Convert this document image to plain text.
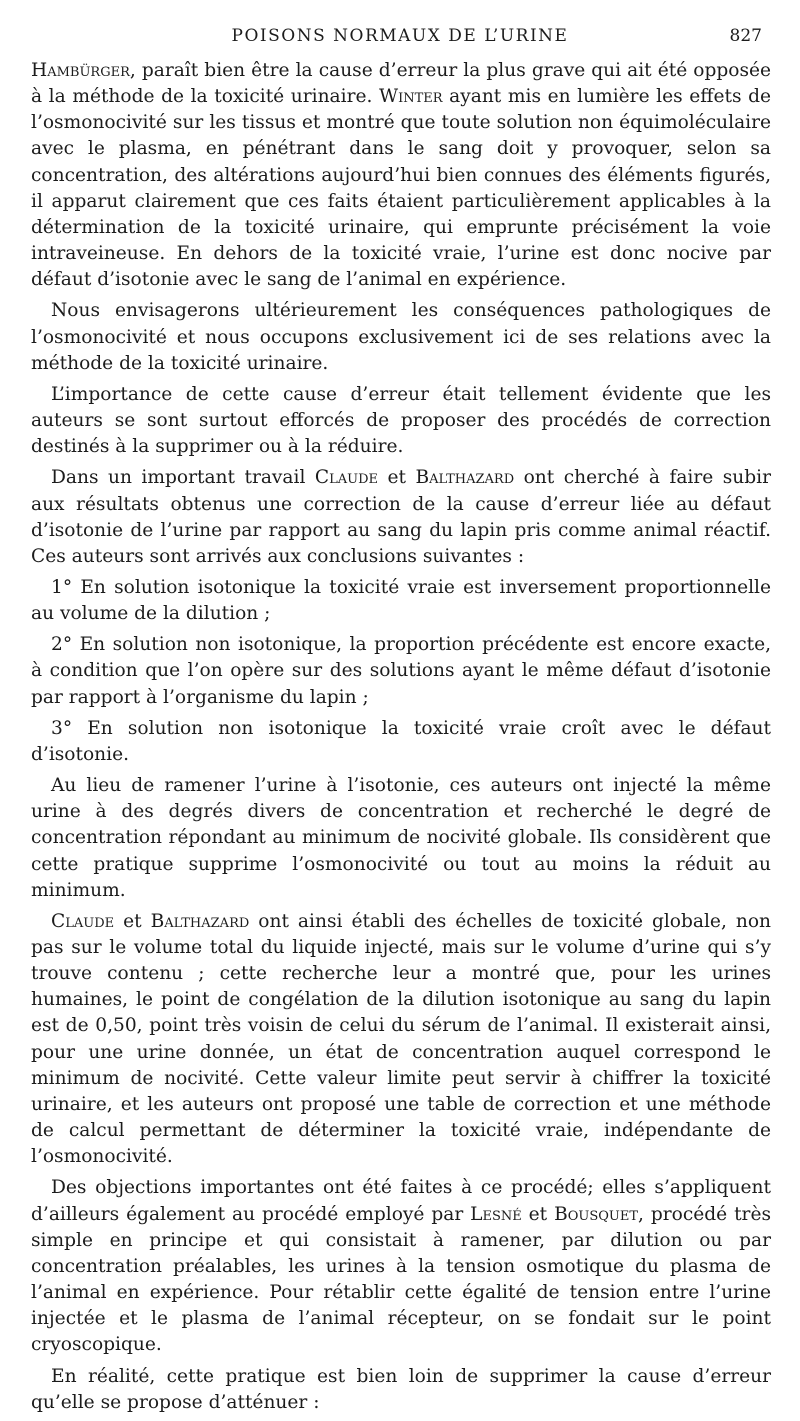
POISONS NORMAUX DE L’URINE	827

Hambürger, paraît bien être la cause d’erreur la plus grave qui ait été opposée à la méthode de la toxicité urinaire. Winter ayant mis en lumière les effets de l’osmonocivité sur les tissus et montré que toute solution non équimoléculaire avec le plasma, en pénétrant dans le sang doit y provoquer, selon sa concentration, des altérations aujourd’hui bien connues des éléments figurés, il apparut clairement que ces faits étaient particulièrement applicables à la détermination de la toxicité urinaire, qui emprunte précisément la voie intraveineuse. En dehors de la toxicité vraie, l’urine est donc nocive par défaut d’isotonie avec le sang de l’animal en expérience.

Nous envisagerons ultérieurement les conséquences pathologiques de l’osmonocivité et nous occupons exclusivement ici de ses relations avec la méthode de la toxicité urinaire.

L’importance de cette cause d’erreur était tellement évidente que les auteurs se sont surtout efforcés de proposer des procédés de correction destinés à la supprimer ou à la réduire.

Dans un important travail Claude et Balthazard ont cherché à faire subir aux résultats obtenus une correction de la cause d’erreur liée au défaut d’isotonie de l’urine par rapport au sang du lapin pris comme animal réactif. Ces auteurs sont arrivés aux conclusions suivantes :

1° En solution isotonique la toxicité vraie est inversement proportionnelle au volume de la dilution ;

2° En solution non isotonique, la proportion précédente est encore exacte, à condition que l’on opère sur des solutions ayant le même défaut d’isotonie par rapport à l’organisme du lapin ;

3° En solution non isotonique la toxicité vraie croît avec le défaut d’isotonie.

Au lieu de ramener l’urine à l’isotonie, ces auteurs ont injecté la même urine à des degrés divers de concentration et recherché le degré de concentration répondant au minimum de nocivité globale. Ils considèrent que cette pratique supprime l’osmonocivité ou tout au moins la réduit au minimum.

Claude et Balthazard ont ainsi établi des échelles de toxicité globale, non pas sur le volume total du liquide injecté, mais sur le volume d’urine qui s’y trouve contenu ; cette recherche leur a montré que, pour les urines humaines, le point de congélation de la dilution isotonique au sang du lapin est de 0,50, point très voisin de celui du sérum de l’animal. Il existerait ainsi, pour une urine donnée, un état de concentration auquel correspond le minimum de nocivité. Cette valeur limite peut servir à chiffrer la toxicité urinaire, et les auteurs ont proposé une table de correction et une méthode de calcul permettant de déterminer la toxicité vraie, indépendante de l’osmonocivité.

Des objections importantes ont été faites à ce procédé; elles s’appliquent d’ailleurs également au procédé employé par Lesné et Bousquet, procédé très simple en principe et qui consistait à ramener, par dilution ou par concentration préalables, les urines à la tension osmotique du plasma de l’animal en expérience. Pour rétablir cette égalité de tension entre l’urine injectée et le plasma de l’animal récepteur, on se fondait sur le point cryoscopique.

En réalité, cette pratique est bien loin de supprimer la cause d’erreur qu’elle se propose d’atténuer :
